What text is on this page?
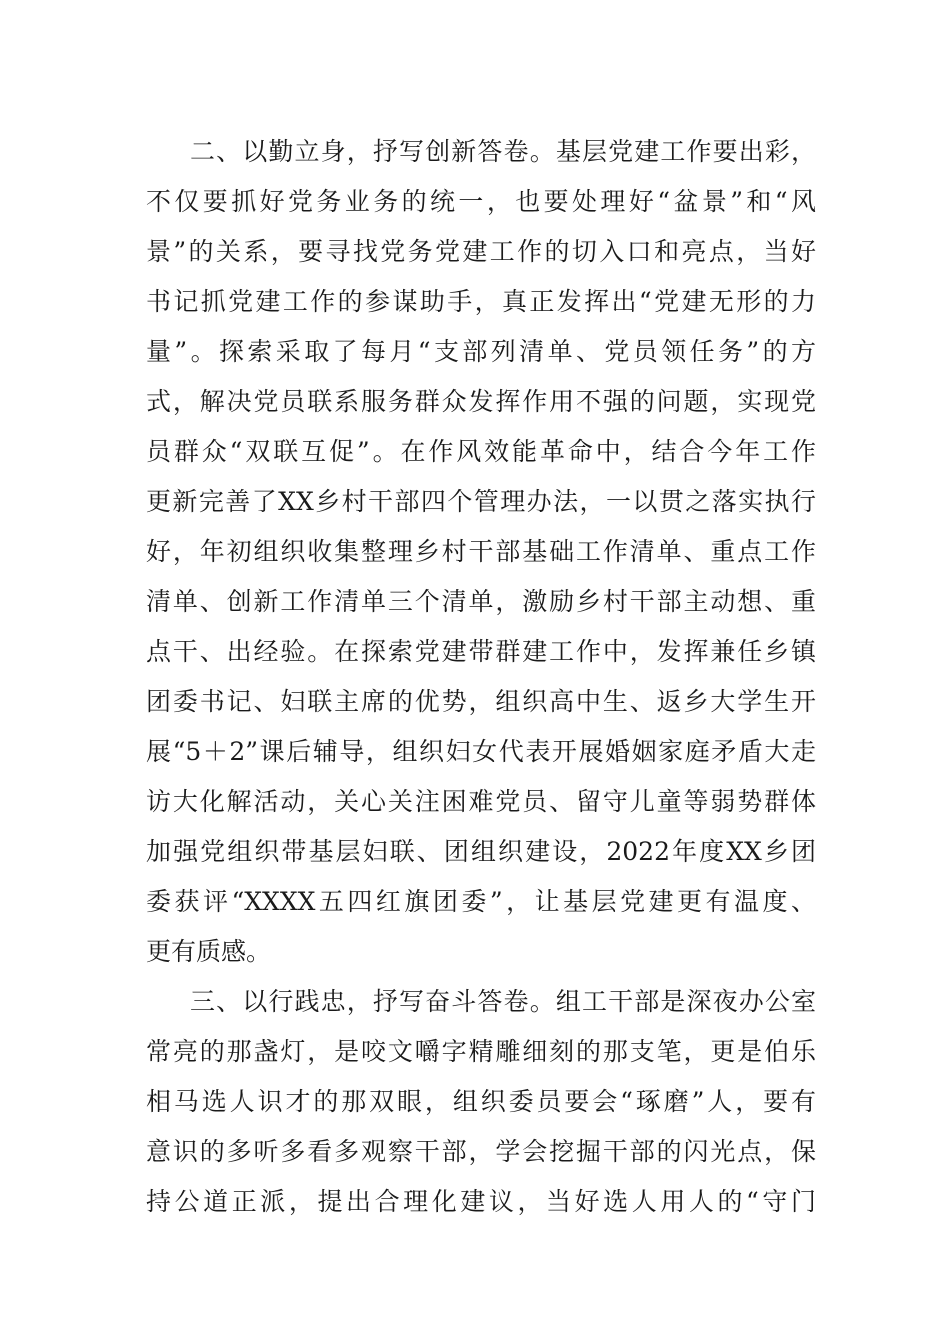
二、以勤立身，抒写创新答卷。基层党建工作要出彩，
不仅要抓好党务业务的统一，也要处理好“盆景”和“风
景”的关系，要寻找党务党建工作的切入口和亮点，当好
书记抓党建工作的参谋助手，真正发挥出“党建无形的力
量”。探索采取了每月“支部列清单、党员领任务”的方
式，解决党员联系服务群众发挥作用不强的问题，实现党
员群众“双联互促”。在作风效能革命中，结合今年工作
更新完善了XX乡村干部四个管理办法，一以贯之落实执行
好，年初组织收集整理乡村干部基础工作清单、重点工作
清单、创新工作清单三个清单，激励乡村干部主动想、重
点干、出经验。在探索党建带群建工作中，发挥兼任乡镇
团委书记、妇联主席的优势，组织高中生、返乡大学生开
展“5＋2”课后辅导，组织妇女代表开展婚姻家庭矛盾大走
访大化解活动，关心关注困难党员、留守儿童等弱势群体
加强党组织带基层妇联、团组织建设，2022年度XX乡团
委获评“XXXX五四红旗团委”，让基层党建更有温度、
更有质感。
三、以行践忠，抒写奋斗答卷。组工干部是深夜办公室
常亮的那盏灯，是咬文嚼字精雕细刻的那支笔，更是伯乐
相马选人识才的那双眼，组织委员要会“琢磨”人，要有
意识的多听多看多观察干部，学会挖掘干部的闪光点，保
持公道正派，提出合理化建议，当好选人用人的“守门
